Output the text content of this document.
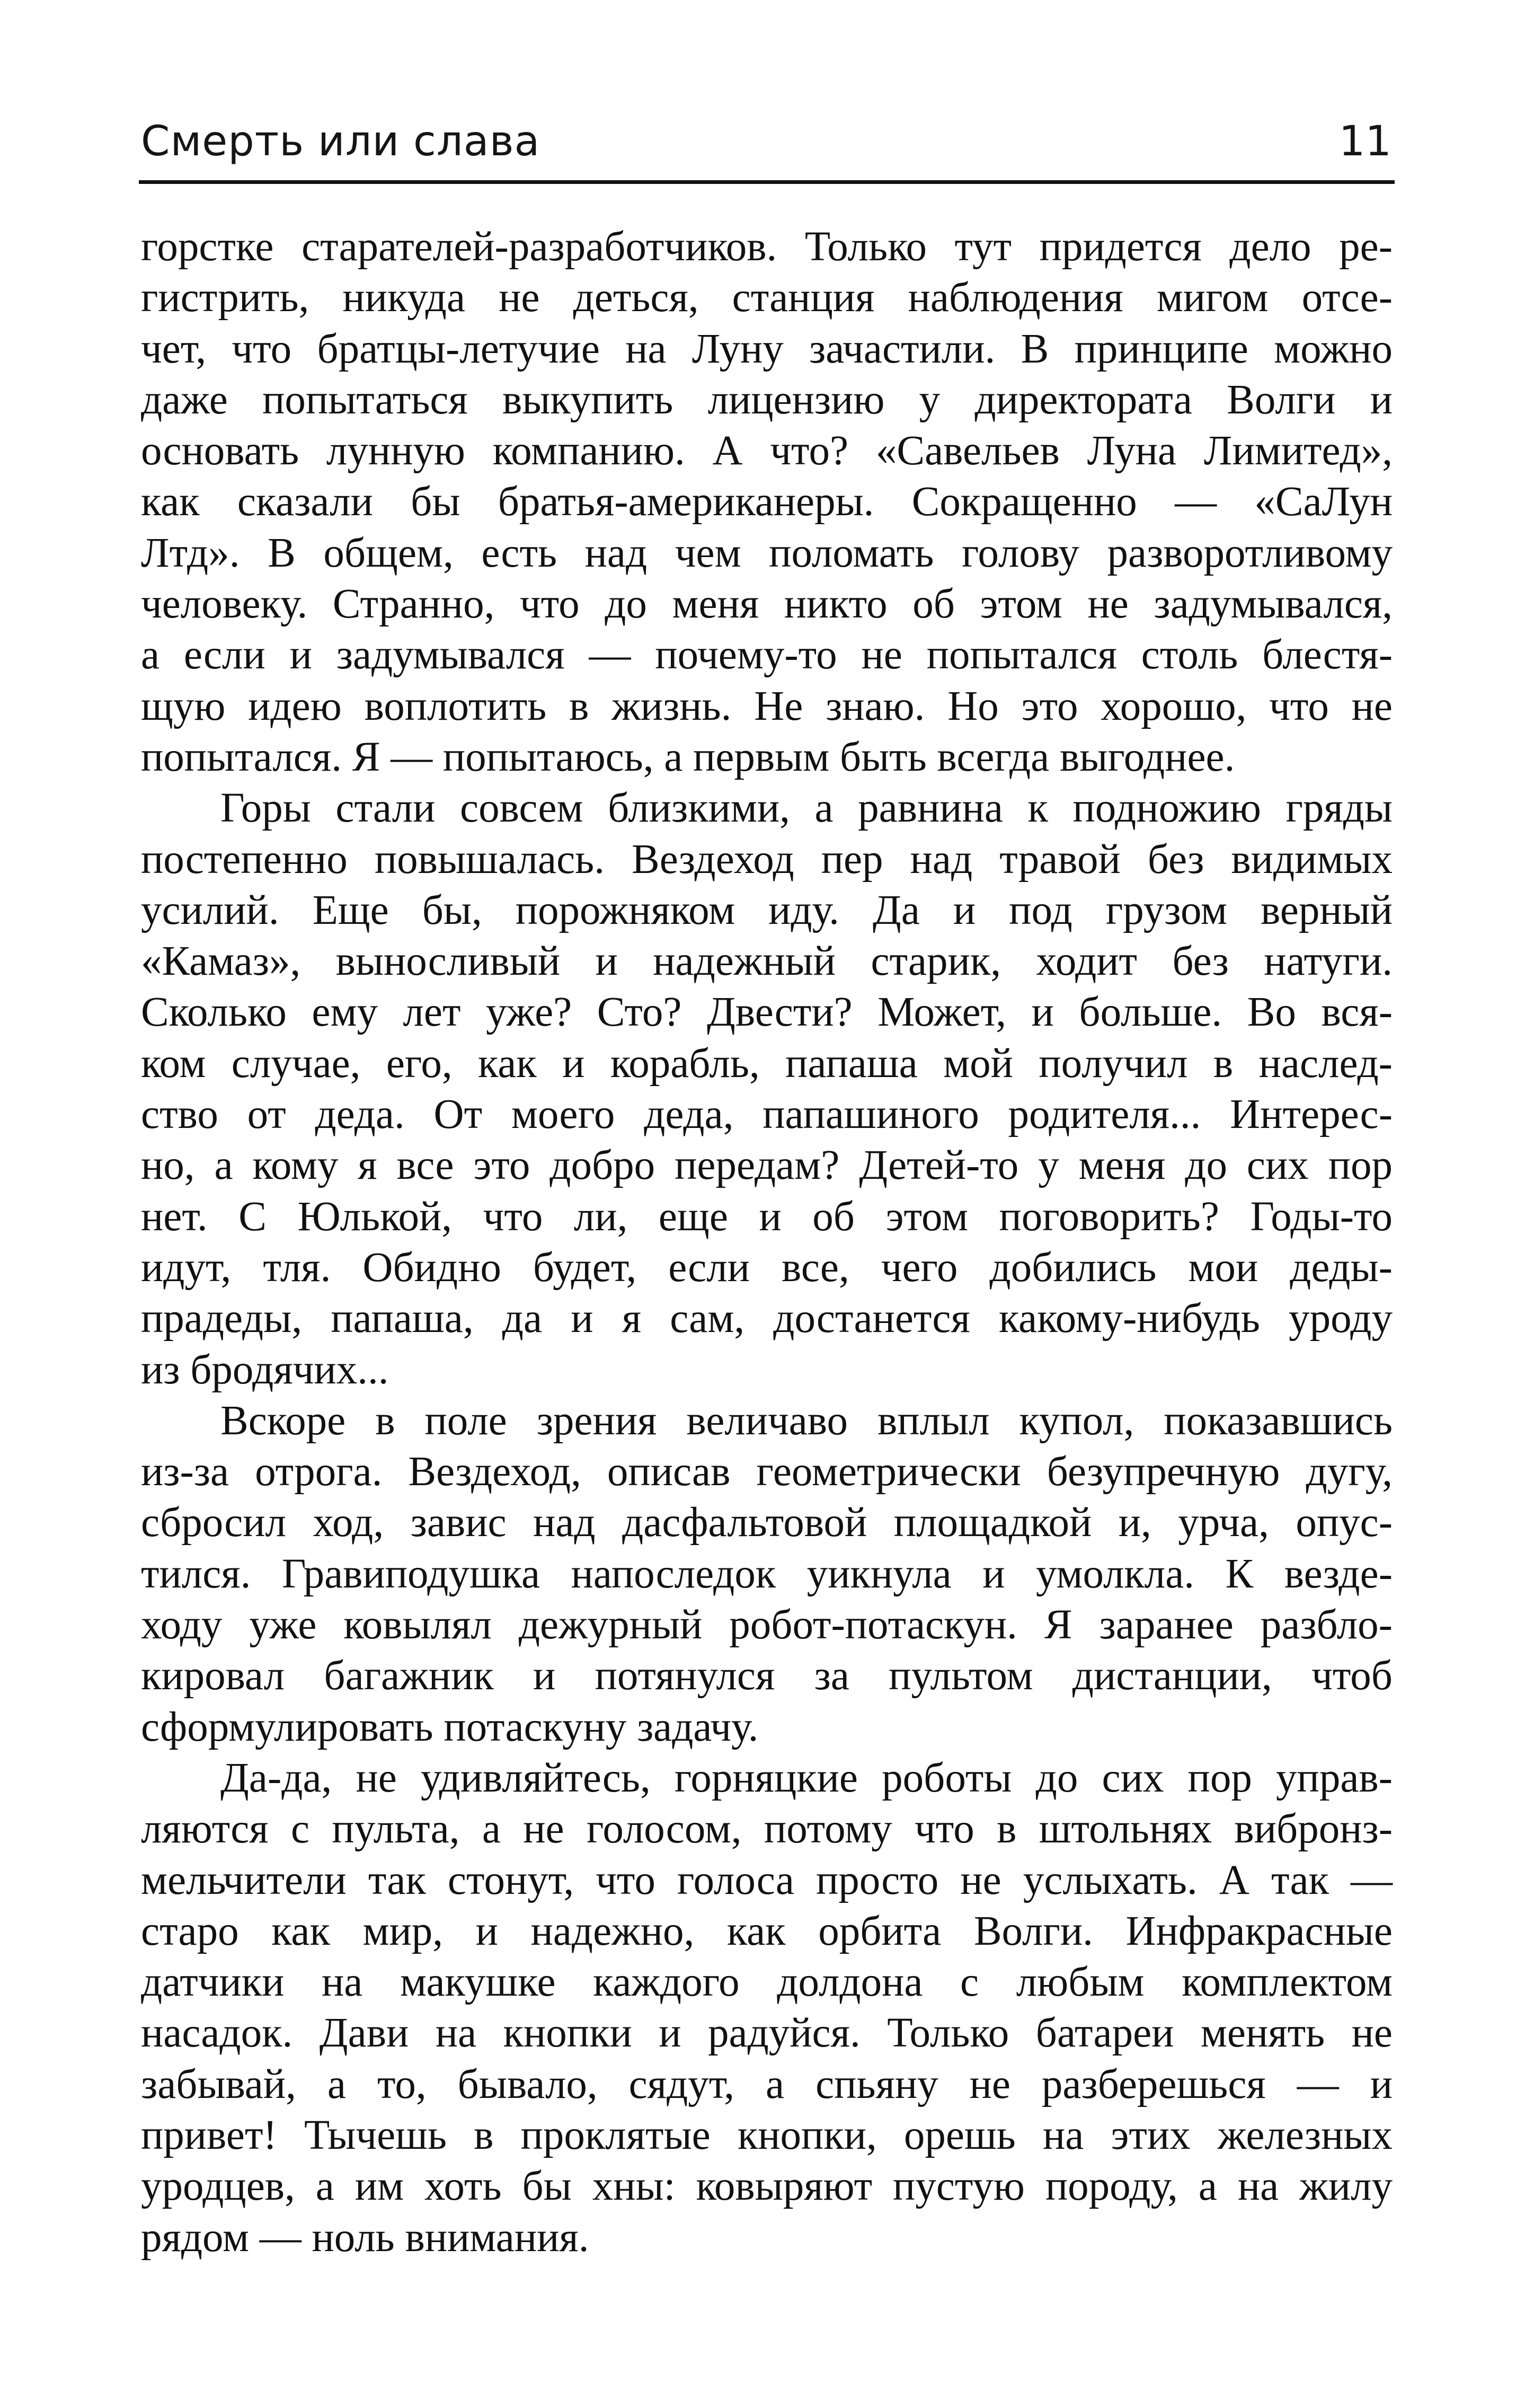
Смерть или слава	11
горстке старателей-разработчиков. Только тут придется дело ре-
гистрить, никуда не деться, станция наблюдения мигом отсе-
чет, что братцы-летучие на Луну зачастили. В принципе можно
даже попытаться выкупить лицензию у директората Волги и
основать лунную компанию. А что? «Савельев Луна Лимитед»,
как сказали бы братья-американеры. Сокращенно — «СаЛун
Лтд». В общем, есть над чем поломать голову разворотливому
человеку. Странно, что до меня никто об этом не задумывался,
а если и задумывался — почему-то не попытался столь блестя-
щую идею воплотить в жизнь. Не знаю. Но это хорошо, что не
попытался. Я — попытаюсь, а первым быть всегда выгоднее.
Горы стали совсем близкими, а равнина к подножию гряды
постепенно повышалась. Вездеход пер над травой без видимых
усилий. Еще бы, порожняком иду. Да и под грузом верный
«Камаз», выносливый и надежный старик, ходит без натуги.
Сколько ему лет уже? Сто? Двести? Может, и больше. Во вся-
ком случае, его, как и корабль, папаша мой получил в наслед-
ство от деда. От моего деда, папашиного родителя... Интерес-
но, а кому я все это добро передам? Детей-то у меня до сих пор
нет. С Юлькой, что ли, еще и об этом поговорить? Годы-то
идут, тля. Обидно будет, если все, чего добились мои деды-
прадеды, папаша, да и я сам, достанется какому-нибудь уроду
из бродячих...
Вскоре в поле зрения величаво вплыл купол, показавшись
из-за отрога. Вездеход, описав геометрически безупречную дугу,
сбросил ход, завис над дасфальтовой площадкой и, урча, опус-
тился. Гравиподушка напоследок уикнула и умолкла. К везде-
ходу уже ковылял дежурный робот-потаскун. Я заранее разбло-
кировал багажник и потянулся за пультом дистанции, чтоб
сформулировать потаскуну задачу.
Да-да, не удивляйтесь, горняцкие роботы до сих пор управ-
ляются с пульта, а не голосом, потому что в штольнях вибронз-
мельчители так стонут, что голоса просто не услыхать. А так —
старо как мир, и надежно, как орбита Волги. Инфракрасные
датчики на макушке каждого долдона с любым комплектом
насадок. Дави на кнопки и радуйся. Только батареи менять не
забывай, а то, бывало, сядут, а спьяну не разберешься — и
привет! Тычешь в проклятые кнопки, орешь на этих железных
уродцев, а им хоть бы хны: ковыряют пустую породу, а на жилу
рядом — ноль внимания.
